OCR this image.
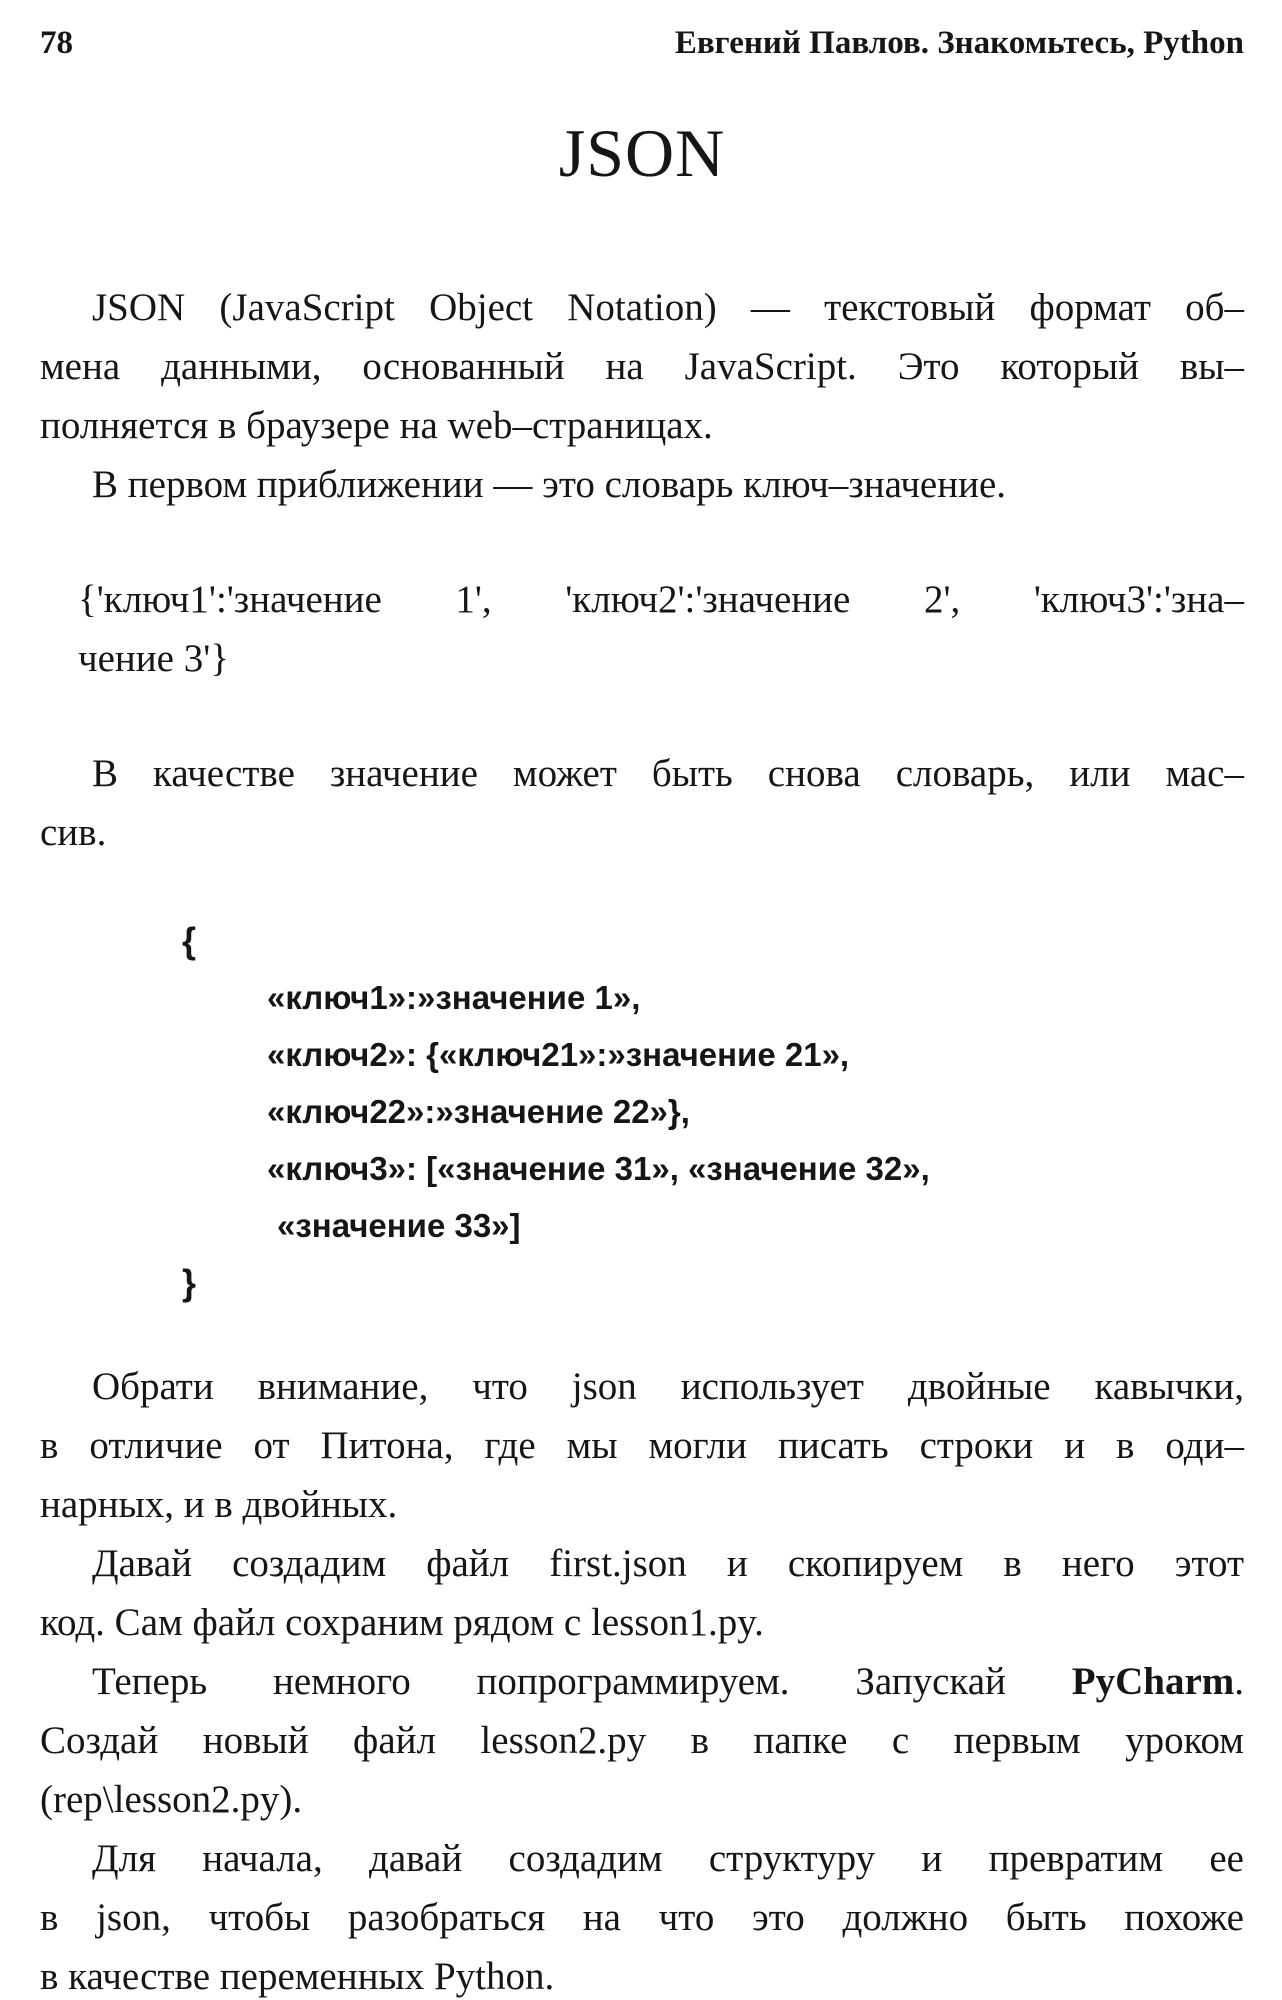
78	Евгений Павлов. Знакомьтесь, Python
JSON
JSON (JavaScript Object Notation) — текстовый формат об–
мена данными, основанный на JavaScript. Это который вы–
полняется в браузере на web–страницах.
В первом приближении — это словарь ключ–значение.
{'ключ1':'значение 1', 'ключ2':'значение 2', 'ключ3':'зна–
чение 3'}
В качестве значение может быть снова словарь, или мас–
сив.
{
«ключ1»:»значение 1»,
«ключ2»: {«ключ21»:»значение 21»,
«ключ22»:»значение 22»},
«ключ3»: [«значение 31», «значение 32»,
«значение 33»]
}
Обрати внимание, что json использует двойные кавычки,
в отличие от Питона, где мы могли писать строки и в оди–
нарных, и в двойных.
Давай создадим файл first.json и скопируем в него этот
код. Сам файл сохраним рядом с lesson1.py.
Теперь немного попрограммируем. Запускай PyCharm.
Создай новый файл lesson2.py в папке с первым уроком
(rep\lesson2.py).
Для начала, давай создадим структуру и превратим ее
в json, чтобы разобраться на что это должно быть похоже
в качестве переменных Python.
